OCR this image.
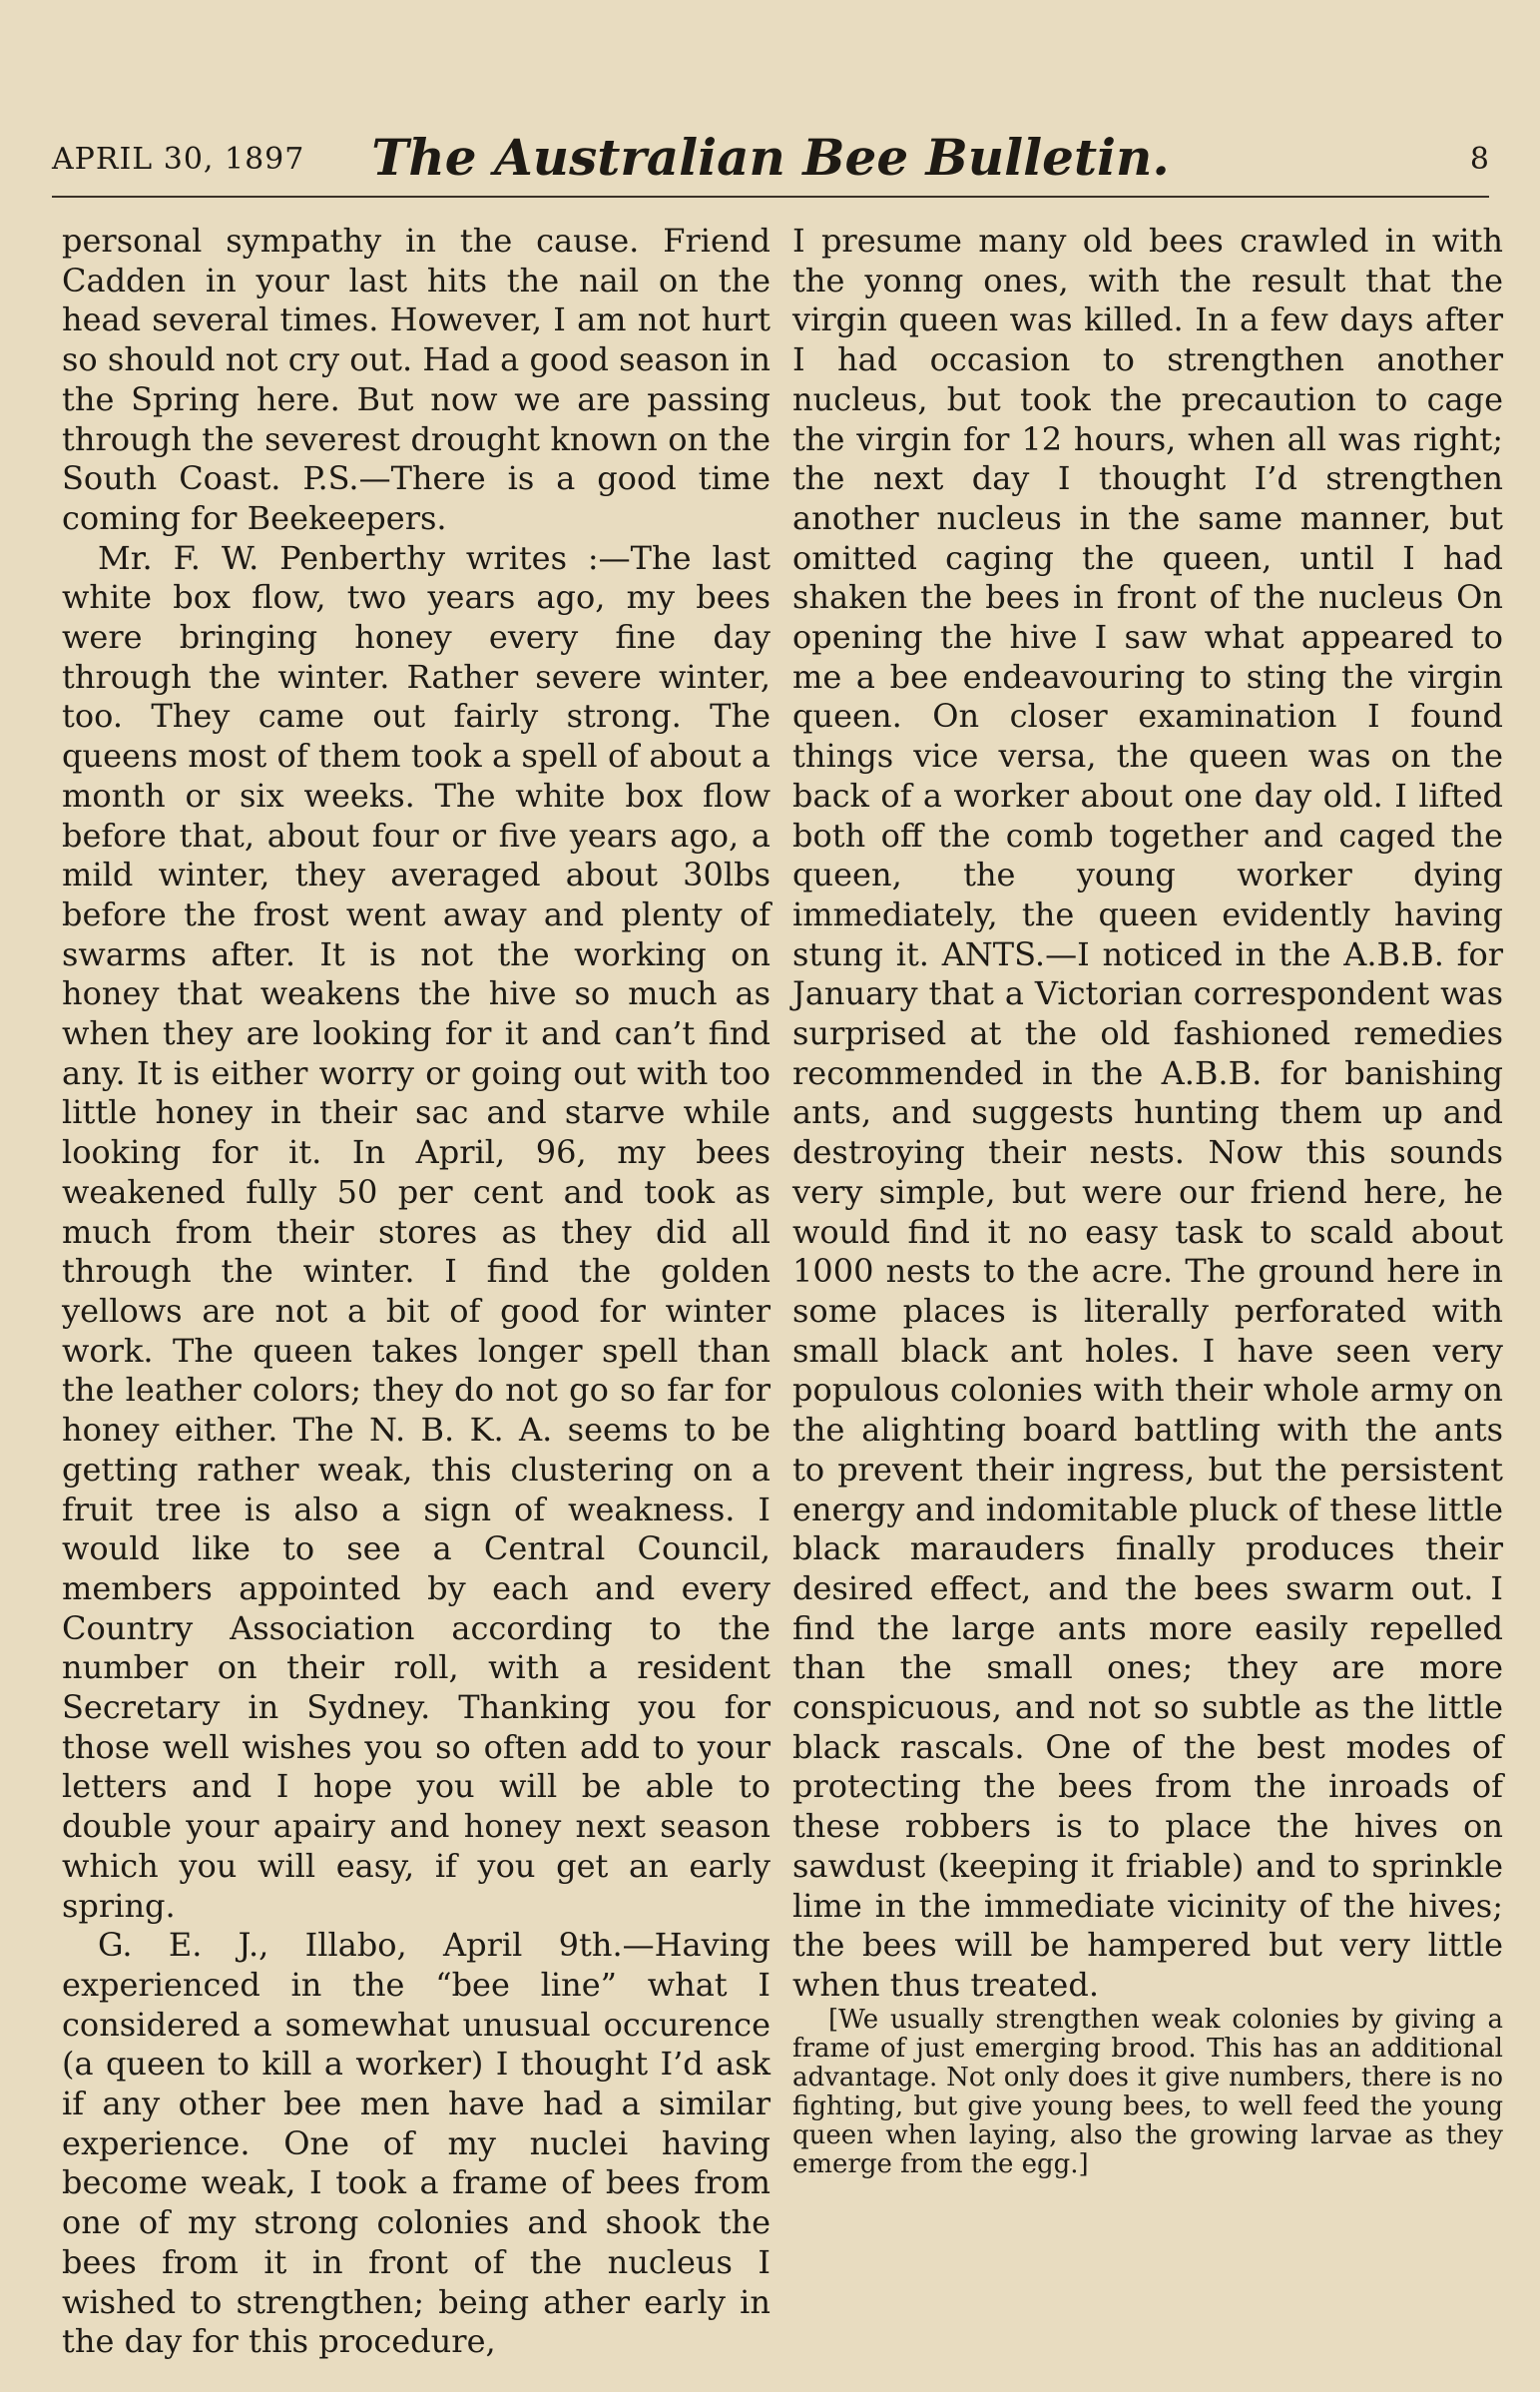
APRIL 30, 1897	The Australian Bee Bulletin.	8

personal sympathy in the cause. Friend Cadden in your last hits the nail on the head several times. However, I am not hurt so should not cry out. Had a good season in the Spring here. But now we are passing through the severest drought known on the South Coast. P.S.—There is a good time coming for Beekeepers.

Mr. F. W. Penberthy writes :—The last white box flow, two years ago, my bees were bringing honey every fine day through the winter. Rather severe winter, too. They came out fairly strong. The queens most of them took a spell of about a month or six weeks. The white box flow before that, about four or five years ago, a mild winter, they averaged about 30lbs before the frost went away and plenty of swarms after. It is not the working on honey that weakens the hive so much as when they are looking for it and can’t find any. It is either worry or going out with too little honey in their sac and starve while looking for it. In April, 96, my bees weakened fully 50 per cent and took as much from their stores as they did all through the winter. I find the golden yellows are not a bit of good for winter work. The queen takes longer spell than the leather colors; they do not go so far for honey either. The N. B. K. A. seems to be getting rather weak, this clustering on a fruit tree is also a sign of weakness. I would like to see a Central Council, members appointed by each and every Country Association according to the number on their roll, with a resident Secretary in Sydney. Thanking you for those well wishes you so often add to your letters and I hope you will be able to double your apairy and honey next season which you will easy, if you get an early spring.

G. E. J., Illabo, April 9th.—Having experienced in the “bee line” what I considered a somewhat unusual occurence (a queen to kill a worker) I thought I’d ask if any other bee men have had a similar experience. One of my nuclei having become weak, I took a frame of bees from one of my strong colonies and shook the bees from it in front of the nucleus I wished to strengthen; being ather early in the day for this procedure,

I presume many old bees crawled in with the yonng ones, with the result that the virgin queen was killed. In a few days after I had occasion to strengthen another nucleus, but took the precaution to cage the virgin for 12 hours, when all was right; the next day I thought I’d strengthen another nucleus in the same manner, but omitted caging the queen, until I had shaken the bees in front of the nucleus On opening the hive I saw what appeared to me a bee endeavouring to sting the virgin queen. On closer examination I found things vice versa, the queen was on the back of a worker about one day old. I lifted both off the comb together and caged the queen, the young worker dying immediately, the queen evidently having stung it. ANTS.—I noticed in the A.B.B. for January that a Victorian correspondent was surprised at the old fashioned remedies recommended in the A.B.B. for banishing ants, and suggests hunting them up and destroying their nests. Now this sounds very simple, but were our friend here, he would find it no easy task to scald about 1000 nests to the acre. The ground here in some places is literally perforated with small black ant holes. I have seen very populous colonies with their whole army on the alighting board battling with the ants to prevent their ingress, but the persistent energy and indomitable pluck of these little black marauders finally produces their desired effect, and the bees swarm out. I find the large ants more easily repelled than the small ones; they are more conspicuous, and not so subtle as the little black rascals. One of the best modes of protecting the bees from the inroads of these robbers is to place the hives on sawdust (keeping it friable) and to sprinkle lime in the immediate vicinity of the hives; the bees will be hampered but very little when thus treated.

[We usually strengthen weak colonies by giving a frame of just emerging brood. This has an additional advantage. Not only does it give numbers, there is no fighting, but give young bees, to well feed the young queen when laying, also the growing larvae as they emerge from the egg.]
